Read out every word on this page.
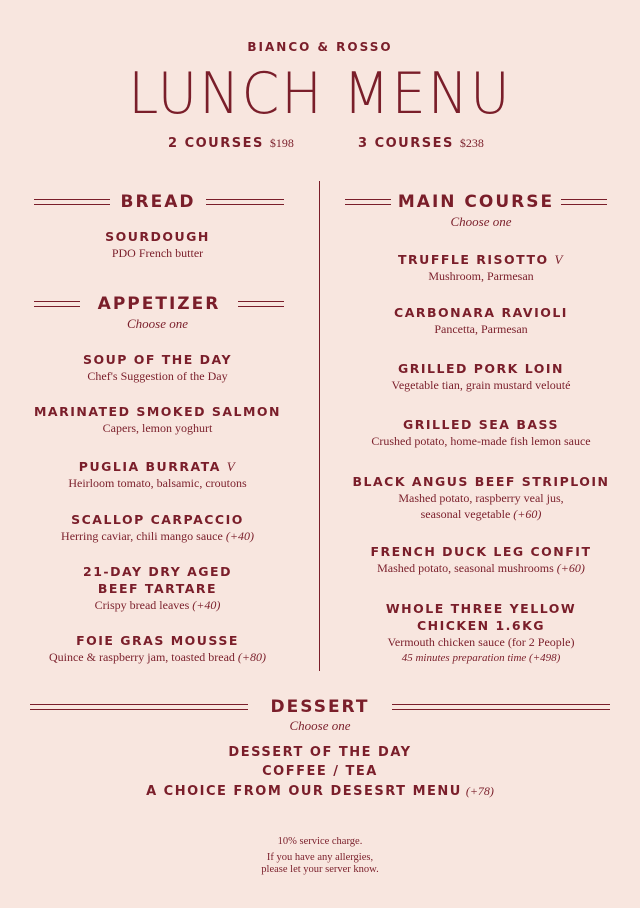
BIANCO & ROSSO
LUNCH MENU
2 COURSES $198	3 COURSES $238
BREAD
SOURDOUGH
PDO French butter
APPETIZER
Choose one
SOUP OF THE DAY
Chef's Suggestion of the Day
MARINATED SMOKED SALMON
Capers, lemon yoghurt
PUGLIA BURRATA V
Heirloom tomato, balsamic, croutons
SCALLOP CARPACCIO
Herring caviar, chili mango sauce (+40)
21-DAY DRY AGED
BEEF TARTARE
Crispy bread leaves (+40)
FOIE GRAS MOUSSE
Quince & raspberry jam, toasted bread (+80)
MAIN COURSE
Choose one
TRUFFLE RISOTTO V
Mushroom, Parmesan
CARBONARA RAVIOLI
Pancetta, Parmesan
GRILLED PORK LOIN
Vegetable tian, grain mustard velouté
GRILLED SEA BASS
Crushed potato, home-made fish lemon sauce
BLACK ANGUS BEEF STRIPLOIN
Mashed potato, raspberry veal jus,
seasonal vegetable (+60)
FRENCH DUCK LEG CONFIT
Mashed potato, seasonal mushrooms (+60)
WHOLE THREE YELLOW
CHICKEN 1.6KG
Vermouth chicken sauce (for 2 People)
45 minutes preparation time (+498)
DESSERT
Choose one
DESSERT OF THE DAY
COFFEE / TEA
A CHOICE FROM OUR DESESRT MENU (+78)
10% service charge.
If you have any allergies,
please let your server know.
